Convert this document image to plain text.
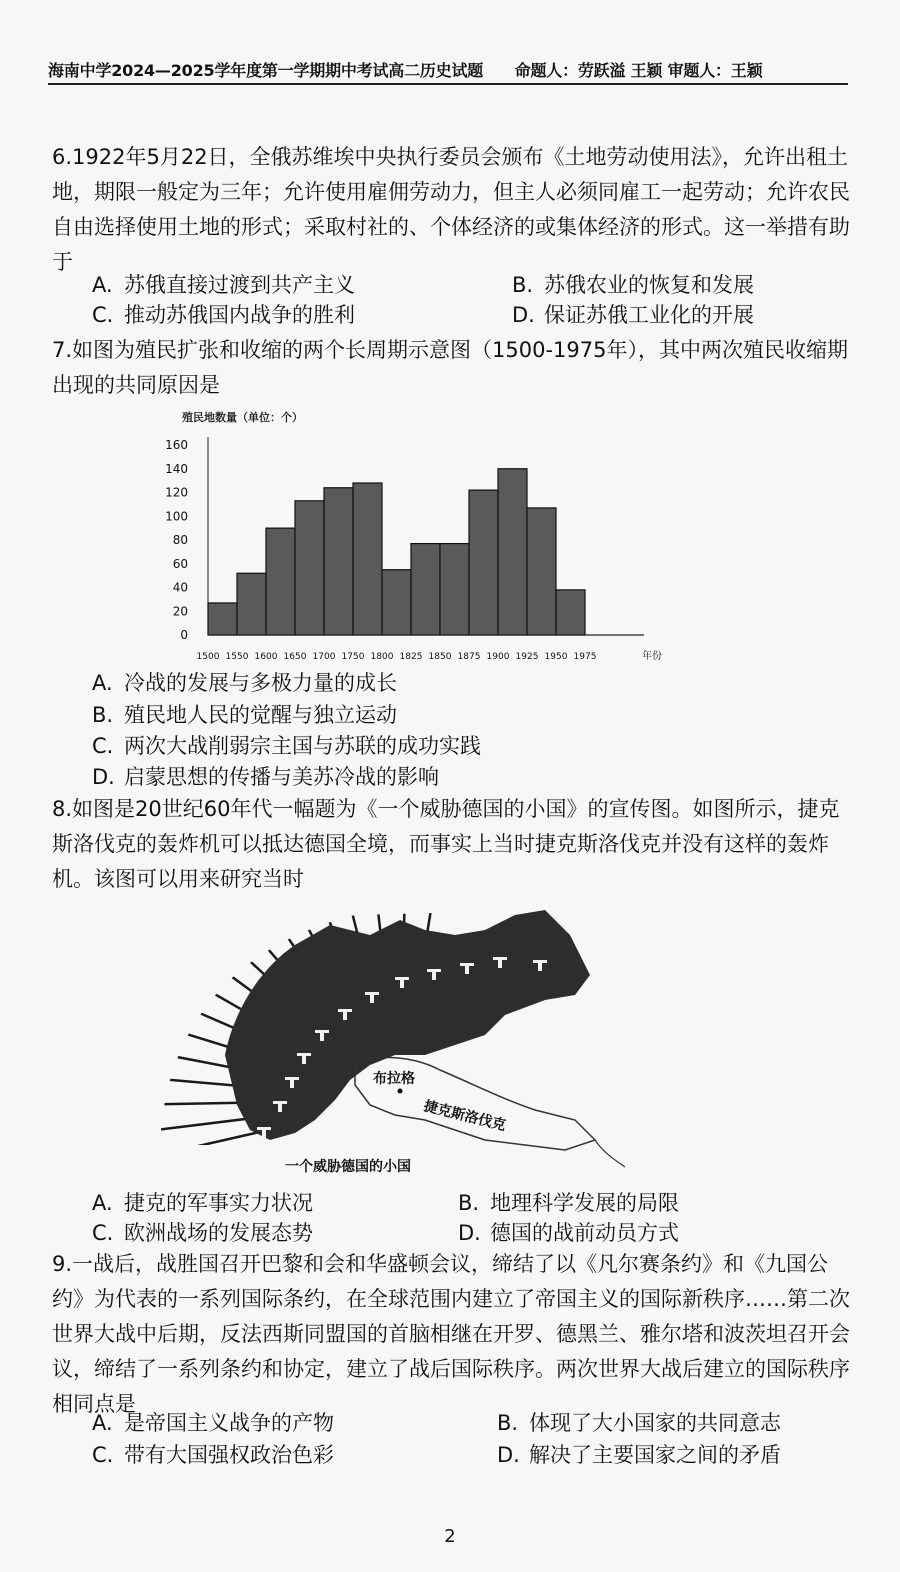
海南中学2024—2025学年度第一学期期中考试高二历史试题　　命题人：劳跃溢 王颖 审题人：王颖
6.1922年5月22日，全俄苏维埃中央执行委员会颁布《土地劳动使用法》，允许出租土地，期限一般定为三年；允许使用雇佣劳动力，但主人必须同雇工一起劳动；允许农民自由选择使用土地的形式；采取村社的、个体经济的或集体经济的形式。这一举措有助于
A. 苏俄直接过渡到共产主义	B. 苏俄农业的恢复和发展
C. 推动苏俄国内战争的胜利	D. 保证苏俄工业化的开展
7.如图为殖民扩张和收缩的两个长周期示意图（1500-1975年），其中两次殖民收缩期出现的共同原因是
殖民地数量（单位：个）
年份
0
20
40
60
80
100
120
140
160
1500 1550 1600 1650 1700 1750 1800 1825 1850 1875 1900 1925 1950 1975
A. 冷战的发展与多极力量的成长
B. 殖民地人民的觉醒与独立运动
C. 两次大战削弱宗主国与苏联的成功实践
D. 启蒙思想的传播与美苏冷战的影响
8.如图是20世纪60年代一幅题为《一个威胁德国的小国》的宣传图。如图所示，捷克斯洛伐克的轰炸机可以抵达德国全境，而事实上当时捷克斯洛伐克并没有这样的轰炸机。该图可以用来研究当时
布拉格
捷克斯洛伐克
一个威胁德国的小国
A. 捷克的军事实力状况	B. 地理科学发展的局限
C. 欧洲战场的发展态势	D. 德国的战前动员方式
9.一战后，战胜国召开巴黎和会和华盛顿会议，缔结了以《凡尔赛条约》和《九国公约》为代表的一系列国际条约，在全球范围内建立了帝国主义的国际新秩序……第二次世界大战中后期，反法西斯同盟国的首脑相继在开罗、德黑兰、雅尔塔和波茨坦召开会议，缔结了一系列条约和协定，建立了战后国际秩序。两次世界大战后建立的国际秩序相同点是
A. 是帝国主义战争的产物	B. 体现了大小国家的共同意志
C. 带有大国强权政治色彩	D. 解决了主要国家之间的矛盾
2
